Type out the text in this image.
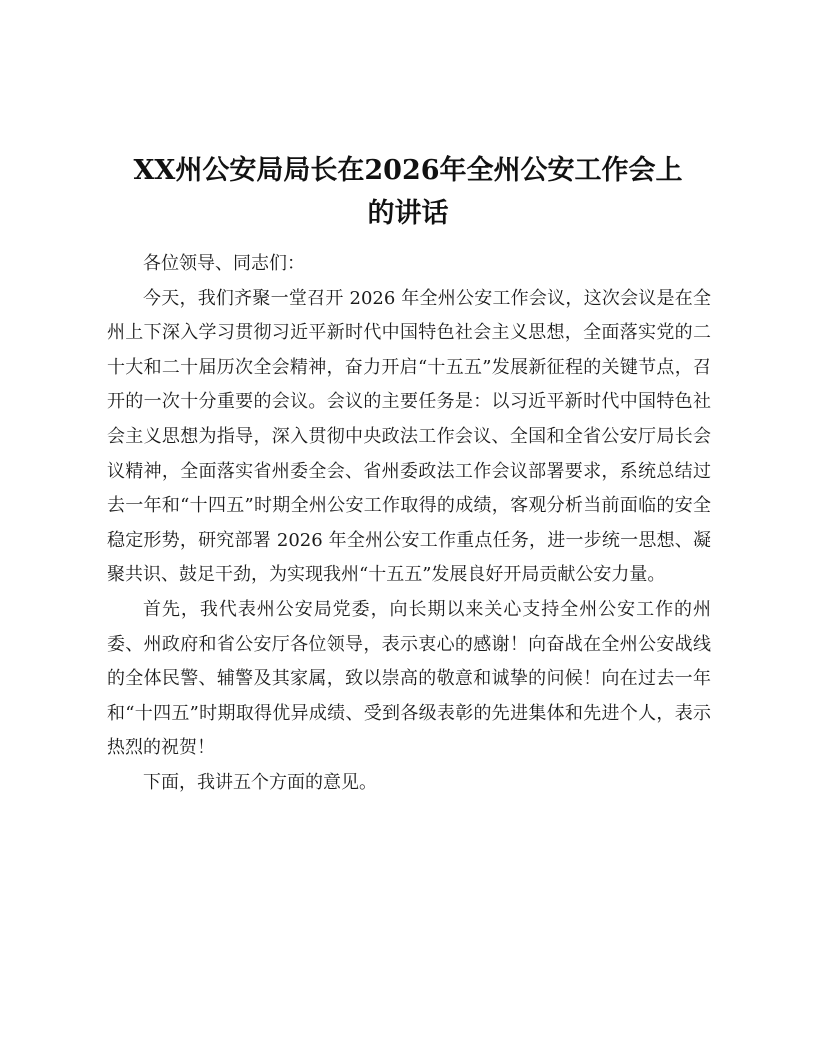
XX州公安局局长在2026年全州公安工作会上
的讲话

各位领导、同志们：

今天，我们齐聚一堂召开 2026 年全州公安工作会议，这次会议是在全州上下深入学习贯彻习近平新时代中国特色社会主义思想，全面落实党的二十大和二十届历次全会精神，奋力开启“十五五”发展新征程的关键节点，召开的一次十分重要的会议。会议的主要任务是：以习近平新时代中国特色社会主义思想为指导，深入贯彻中央政法工作会议、全国和全省公安厅局长会议精神，全面落实省州委全会、省州委政法工作会议部署要求，系统总结过去一年和“十四五”时期全州公安工作取得的成绩，客观分析当前面临的安全稳定形势，研究部署 2026 年全州公安工作重点任务，进一步统一思想、凝聚共识、鼓足干劲，为实现我州“十五五”发展良好开局贡献公安力量。

首先，我代表州公安局党委，向长期以来关心支持全州公安工作的州委、州政府和省公安厅各位领导，表示衷心的感谢！向奋战在全州公安战线的全体民警、辅警及其家属，致以崇高的敬意和诚挚的问候！向在过去一年和“十四五”时期取得优异成绩、受到各级表彰的先进集体和先进个人，表示热烈的祝贺！

下面，我讲五个方面的意见。
